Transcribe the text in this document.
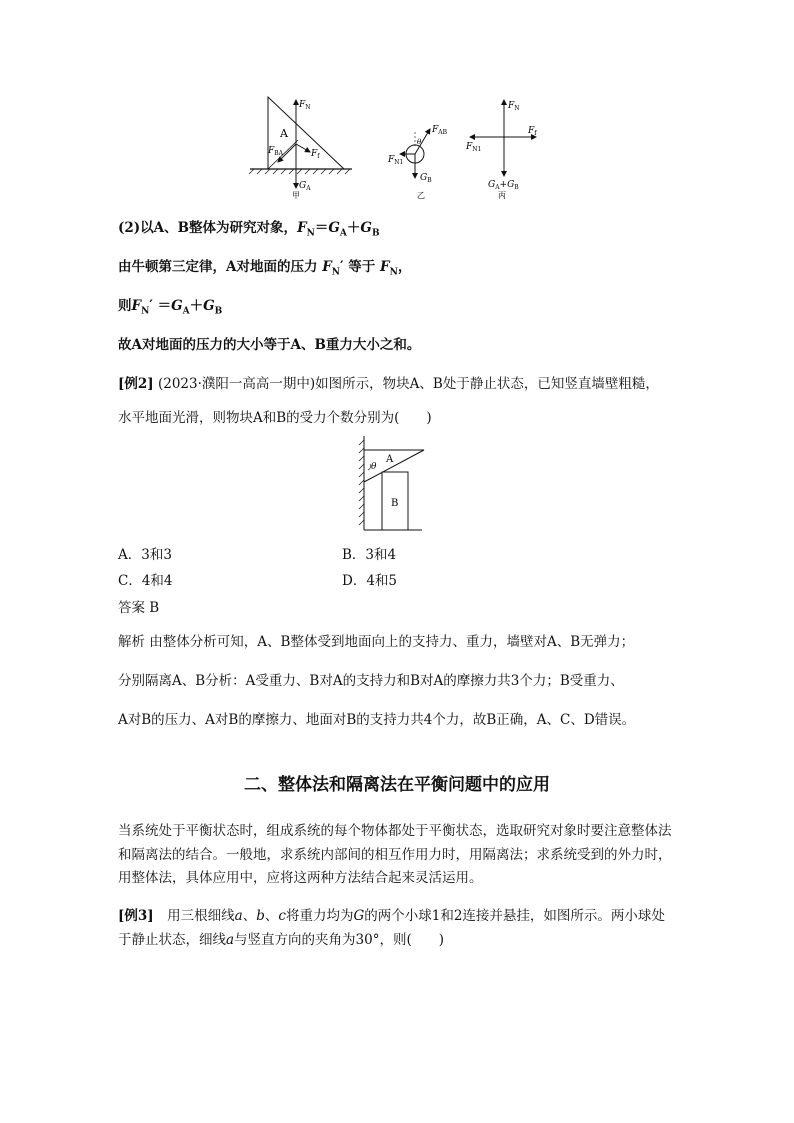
A
$F_N$
$F_{BA}$	$F_f$
$G_A$
甲
θ
$F_{AB}$
$F_{N1}$
$G_B$
乙
$F_N$
$F_f$
$F_{N1}$
$G_A+G_B$
丙
(2)以A、B整体为研究对象，$F_N=G_A+G_B$
由牛顿第三定律，A对地面的压力 $F_N'$ 等于 $F_N$，
则$F_N' =G_A+G_B$
故A对地面的压力的大小等于A、B重力大小之和。
[例2] (2023·濮阳一高高一期中)如图所示，物块A、B处于静止状态，已知竖直墙壁粗糙，
水平地面光滑，则物块A和B的受力个数分别为(　　)
θ
A
B
A．3和3	B．3和4
C．4和4	D．4和5
答案 B
解析 由整体分析可知，A、B整体受到地面向上的支持力、重力，墙壁对A、B无弹力；
分别隔离A、B分析：A受重力、B对A的支持力和B对A的摩擦力共3个力；B受重力、
A对B的压力、A对B的摩擦力、地面对B的支持力共4个力，故B正确，A、C、D错误。
二、整体法和隔离法在平衡问题中的应用
当系统处于平衡状态时，组成系统的每个物体都处于平衡状态，选取研究对象时要注意整体法和隔离法的结合。一般地，求系统内部间的相互作用力时，用隔离法；求系统受到的外力时，用整体法，具体应用中，应将这两种方法结合起来灵活运用。
[例3]　 用三根细线a、b、c将重力均为G的两个小球1和2连接并悬挂，如图所示。两小球处于静止状态，细线a与竖直方向的夹角为30°，则(　　)
